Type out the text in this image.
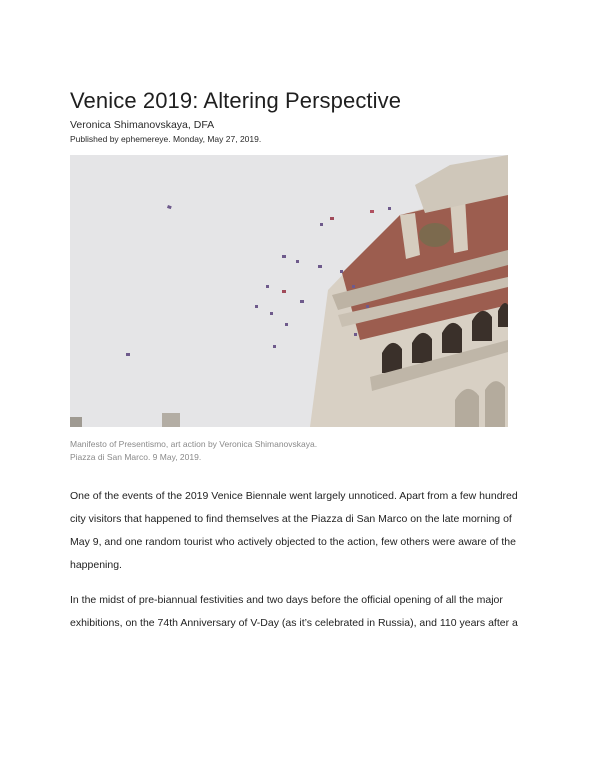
Venice 2019: Altering Perspective
Veronica Shimanovskaya, DFA
Published by ephemereye. Monday, May 27, 2019.
Manifesto of Presentismo, art action by Veronica Shimanovskaya.
Piazza di San Marco. 9 May, 2019.

One of the events of the 2019 Venice Biennale went largely unnoticed. Apart from a few hundred city visitors that happened to find themselves at the Piazza di San Marco on the late morning of May 9, and one random tourist who actively objected to the action, few others were aware of the happening.

In the midst of pre-biannual festivities and two days before the official opening of all the major exhibitions, on the 74th Anniversary of V-Day (as it’s celebrated in Russia), and 110 years after a
